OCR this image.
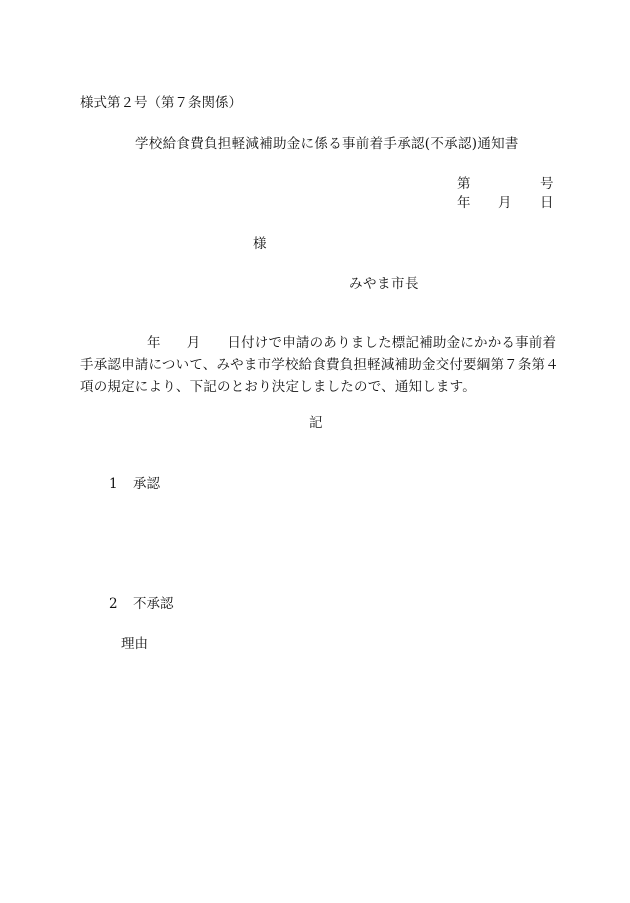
様式第２号（第７条関係）
学校給食費負担軽減補助金に係る事前着手承認(不承認)通知書
第	号
年 月 日
様
みやま市長
年 月 日付けで申請のありました標記補助金にかかる事前着
手承認申請について、みやま市学校給食費負担軽減補助金交付要綱第７条第４
項の規定により、下記のとおり決定しましたので、通知します。
記
1 承認
2 不承認
理由
